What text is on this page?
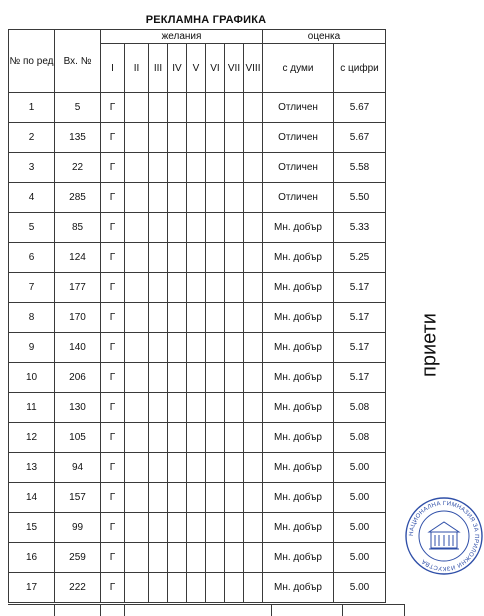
РЕКЛАМНА ГРАФИКА
№ по ред	Вх. №	желания								оценка	
		I	II	III	IV	V	VI	VII	VIII	с думи	с цифри
1	5	Г								Отличен	5.67
2	135	Г								Отличен	5.67
3	22	Г								Отличен	5.58
4	285	Г								Отличен	5.50
5	85	Г								Мн. добър	5.33
6	124	Г								Мн. добър	5.25
7	177	Г								Мн. добър	5.17
8	170	Г								Мн. добър	5.17
9	140	Г								Мн. добър	5.17
10	206	Г								Мн. добър	5.17
11	130	Г								Мн. добър	5.08
12	105	Г								Мн. добър	5.08
13	94	Г								Мн. добър	5.00
14	157	Г								Мн. добър	5.00
15	99	Г								Мн. добър	5.00
16	259	Г								Мн. добър	5.00
17	222	Г								Мн. добър	5.00
приети
НАЦИОНАЛНА ГИМНАЗИЯ ЗА ПРИЛОЖНИ ИЗКУСТВА
